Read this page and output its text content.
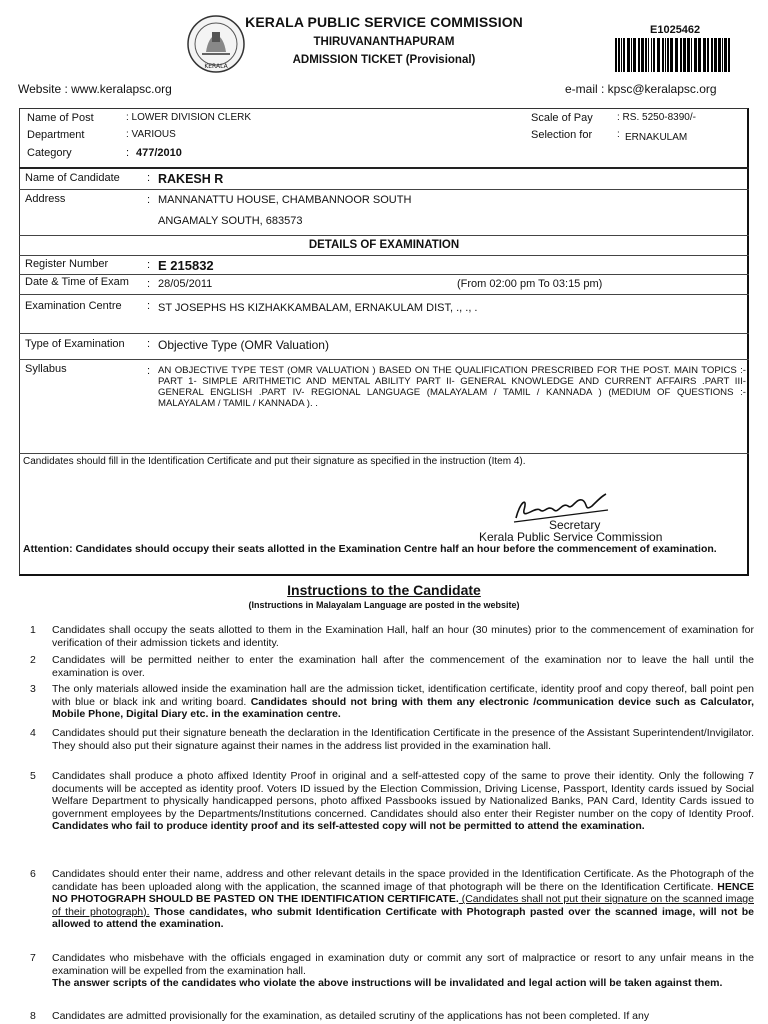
KERALA
KERALA PUBLIC SERVICE COMMISSION
THIRUVANANTHAPURAM
ADMISSION TICKET (Provisional)
E1025462
Website : www.keralapsc.org	e-mail : kpsc@keralapsc.org
Name of Post	: LOWER DIVISION CLERK
Department	: VARIOUS
Category	: 477/2010
Scale of Pay : RS. 5250-8390/-
Selection for : ERNAKULAM
Name of Candidate : RAKESH R
Address	: MANNANATTU HOUSE, CHAMBANNOOR SOUTH
ANGAMALY SOUTH, 683573
DETAILS OF EXAMINATION
Register Number	: E 215832
Date & Time of Exam : 28/05/2011	(From 02:00 pm To 03:15 pm)
Examination Centre : ST JOSEPHS HS KIZHAKKAMBALAM, ERNAKULAM DIST, ., ., .
Type of Examination : Objective Type (OMR Valuation)
Syllabus	: AN OBJECTIVE TYPE TEST (OMR VALUATION ) BASED ON THE QUALIFICATION PRESCRIBED FOR THE POST. MAIN TOPICS :- PART 1- SIMPLE ARITHMETIC AND MENTAL ABILITY PART II- GENERAL KNOWLEDGE AND CURRENT AFFAIRS .PART III- GENERAL ENGLISH .PART IV- REGIONAL LANGUAGE (MALAYALAM / TAMIL / KANNADA ) (MEDIUM OF QUESTIONS :- MALAYALAM / TAMIL / KANNADA ). .
Candidates should fill in the Identification Certificate and put their signature as specified in the instruction (Item 4).
Secretary
Kerala Public Service Commission
Attention: Candidates should occupy their seats allotted in the Examination Centre half an hour before the commencement of examination.
Instructions to the Candidate
(Instructions in Malayalam Language are posted in the website)
1 Candidates shall occupy the seats allotted to them in the Examination Hall, half an hour (30 minutes) prior to the commencement of examination for verification of their admission tickets and identity.
2 Candidates will be permitted neither to enter the examination hall after the commencement of the examination nor to leave the hall until the examination is over.
3 The only materials allowed inside the examination hall are the admission ticket, identification certificate, identity proof and copy thereof, ball point pen with blue or black ink and writing board. Candidates should not bring with them any electronic /communication device such as Calculator, Mobile Phone, Digital Diary etc. in the examination centre.
4 Candidates should put their signature beneath the declaration in the Identification Certificate in the presence of the Assistant Superintendent/Invigilator. They should also put their signature against their names in the address list provided in the examination hall.
5 Candidates shall produce a photo affixed Identity Proof in original and a self-attested copy of the same to prove their identity. Only the following 7 documents will be accepted as identity proof. Voters ID issued by the Election Commission, Driving License, Passport, Identity cards issued by Social Welfare Department to physically handicapped persons, photo affixed Passbooks issued by Nationalized Banks, PAN Card, Identity Cards issued to government employees by the Departments/Institutions concerned. Candidates should also enter their Register number on the copy of Identity Proof. Candidates who fail to produce identity proof and its self-attested copy will not be permitted to attend the examination.
6 Candidates should enter their name, address and other relevant details in the space provided in the Identification Certificate. As the Photograph of the candidate has been uploaded along with the application, the scanned image of that photograph will be there on the Identification Certificate. HENCE NO PHOTOGRAPH SHOULD BE PASTED ON THE IDENTIFICATION CERTIFICATE. (Candidates shall not put their signature on the scanned image of their photograph). Those candidates, who submit Identification Certificate with Photograph pasted over the scanned image, will not be allowed to attend the examination.
7 Candidates who misbehave with the officials engaged in examination duty or commit any sort of malpractice or resort to any unfair means in the examination will be expelled from the examination hall.
The answer scripts of the candidates who violate the above instructions will be invalidated and legal action will be taken against them.
8 Candidates are admitted provisionally for the examination, as detailed scrutiny of the applications has not been completed. If any
